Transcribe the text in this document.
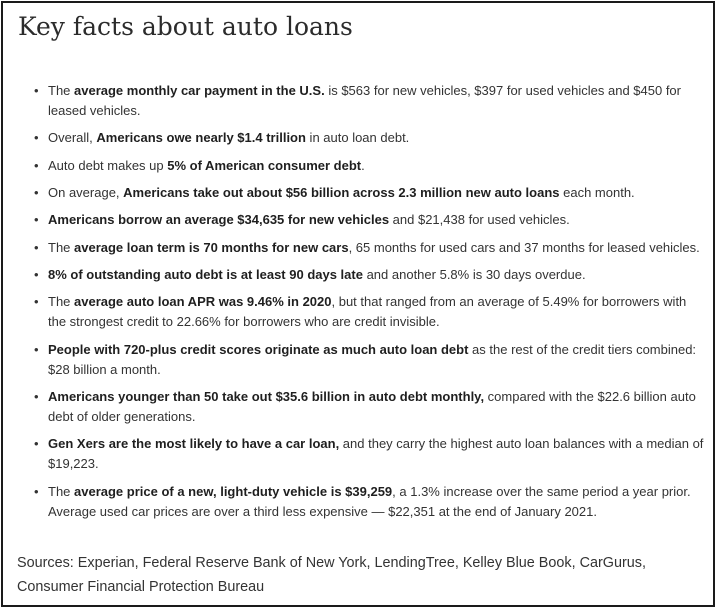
Key facts about auto loans
• The average monthly car payment in the U.S. is $563 for new vehicles, $397 for used vehicles and $450 for leased vehicles.
• Overall, Americans owe nearly $1.4 trillion in auto loan debt.
• Auto debt makes up 5% of American consumer debt.
• On average, Americans take out about $56 billion across 2.3 million new auto loans each month.
• Americans borrow an average $34,635 for new vehicles and $21,438 for used vehicles.
• The average loan term is 70 months for new cars, 65 months for used cars and 37 months for leased vehicles.
• 8% of outstanding auto debt is at least 90 days late and another 5.8% is 30 days overdue.
• The average auto loan APR was 9.46% in 2020, but that ranged from an average of 5.49% for borrowers with the strongest credit to 22.66% for borrowers who are credit invisible.
• People with 720-plus credit scores originate as much auto loan debt as the rest of the credit tiers combined: $28 billion a month.
• Americans younger than 50 take out $35.6 billion in auto debt monthly, compared with the $22.6 billion auto debt of older generations.
• Gen Xers are the most likely to have a car loan, and they carry the highest auto loan balances with a median of $19,223.
• The average price of a new, light-duty vehicle is $39,259, a 1.3% increase over the same period a year prior. Average used car prices are over a third less expensive — $22,351 at the end of January 2021.

Sources: Experian, Federal Reserve Bank of New York, LendingTree, Kelley Blue Book, CarGurus, Consumer Financial Protection Bureau
